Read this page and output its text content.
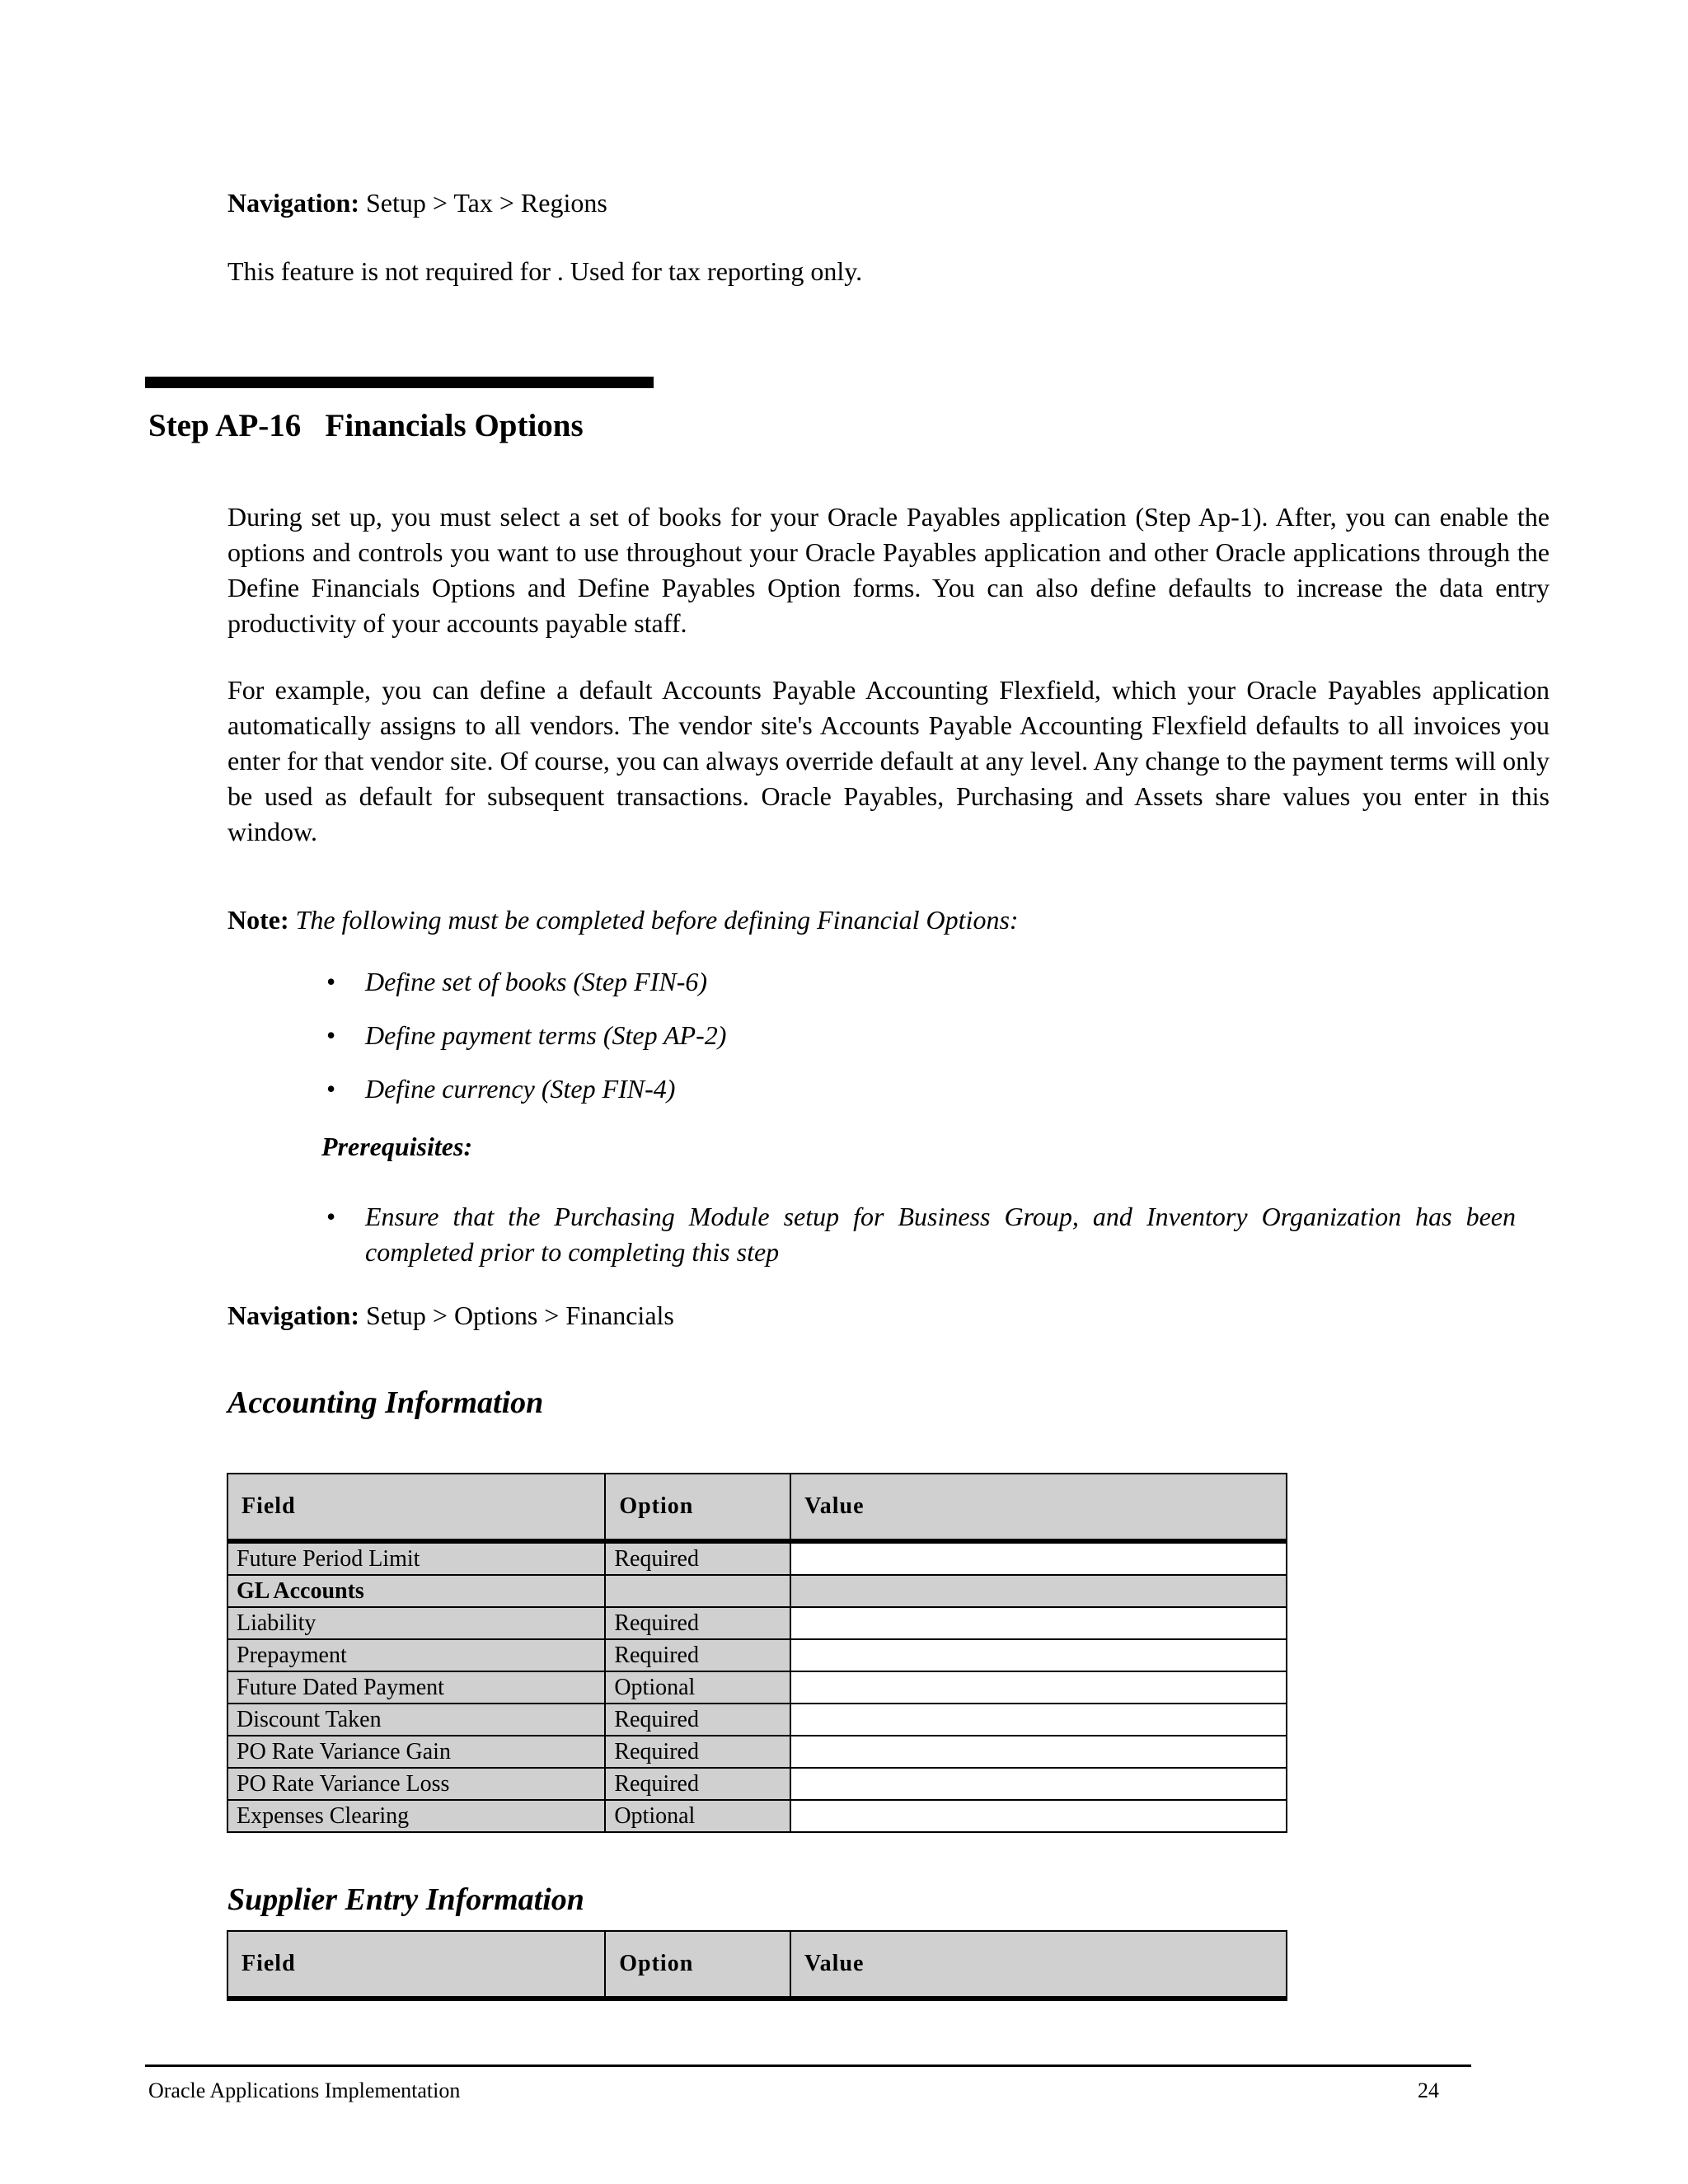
Navigation: Setup > Tax > Regions
This feature is not required for . Used for tax reporting only.
Step AP-16   Financials Options
During set up, you must select a set of books for your Oracle Payables application (Step Ap-1). After, you can enable the options and controls you want to use throughout your Oracle Payables application and other Oracle applications through the Define Financials Options and Define Payables Option forms. You can also define defaults to increase the data entry productivity of your accounts payable staff.
For example, you can define a default Accounts Payable Accounting Flexfield, which your Oracle Payables application automatically assigns to all vendors. The vendor site's Accounts Payable Accounting Flexfield defaults to all invoices you enter for that vendor site. Of course, you can always override default at any level. Any change to the payment terms will only be used as default for subsequent transactions. Oracle Payables, Purchasing and Assets share values you enter in this window.
Note: The following must be completed before defining Financial Options:
• Define set of books (Step FIN-6)
• Define payment terms (Step AP-2)
• Define currency (Step FIN-4)
Prerequisites:
• Ensure that the Purchasing Module setup for Business Group, and Inventory Organization has been completed prior to completing this step
Navigation: Setup > Options > Financials
Accounting Information
Field	Option	Value
Future Period Limit	Required	
GL Accounts		
Liability	Required	
Prepayment	Required	
Future Dated Payment	Optional	
Discount Taken	Required	
PO Rate Variance Gain	Required	
PO Rate Variance Loss	Required	
Expenses Clearing	Optional	
Supplier Entry Information
Field	Option	Value
Oracle Applications Implementation	24
